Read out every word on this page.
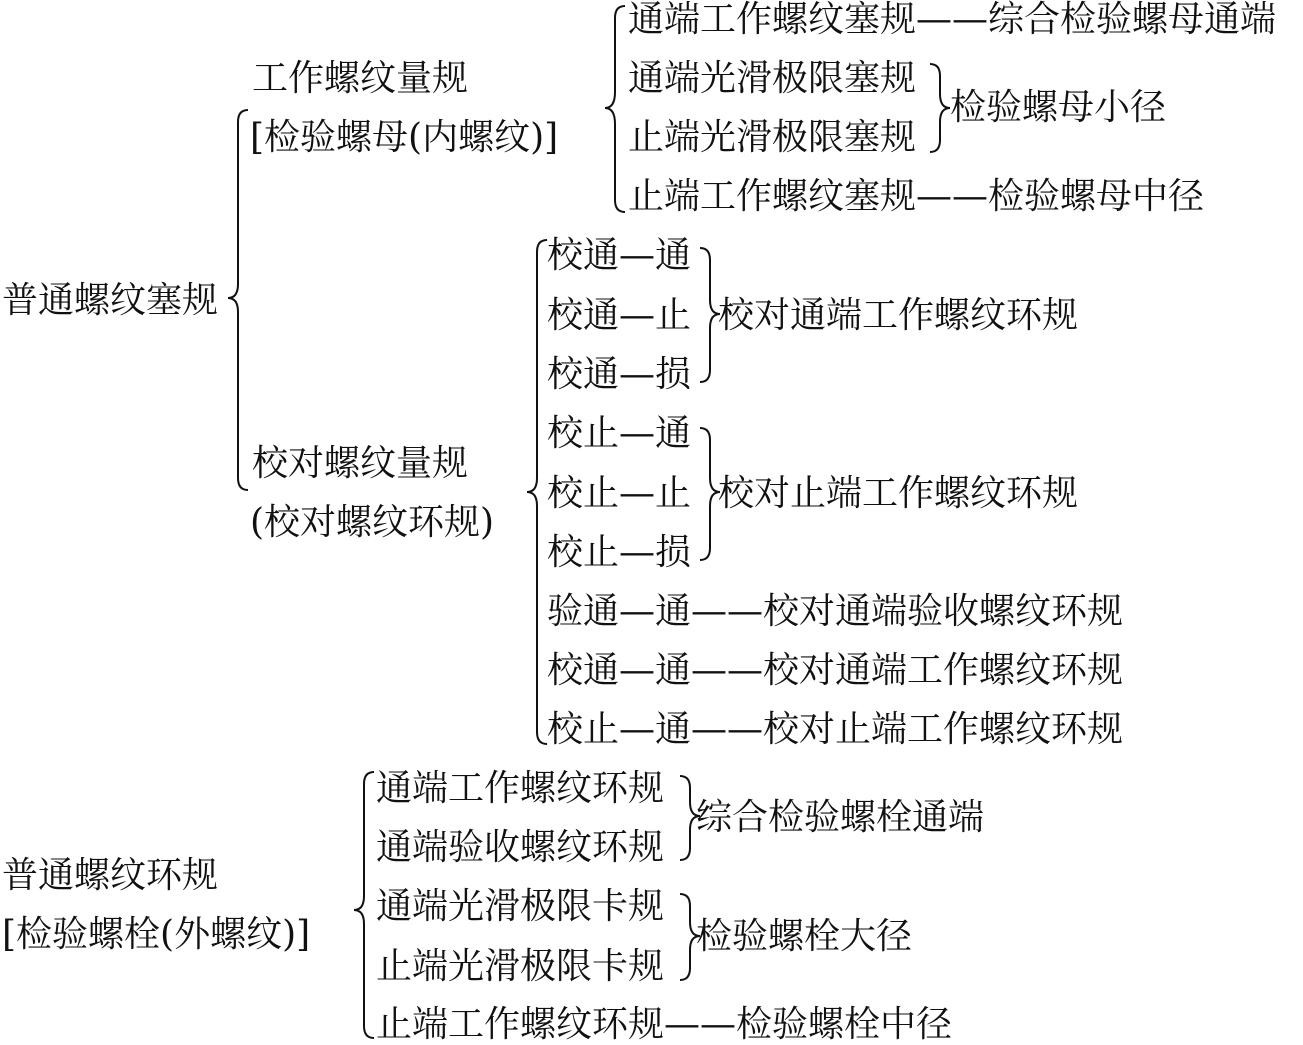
普通螺纹塞规
工作螺纹量规
[检验螺母(内螺纹)]
通端工作螺纹塞规——综合检验螺母通端
通端光滑极限塞规
止端光滑极限塞规
止端工作螺纹塞规——检验螺母中径
检验螺母小径
校对螺纹量规
(校对螺纹环规)
校通—通
校通—止
校通—损
校对通端工作螺纹环规
校止—通
校止—止
校止—损
校对止端工作螺纹环规
验通—通——校对通端验收螺纹环规
校通—通——校对通端工作螺纹环规
校止—通——校对止端工作螺纹环规
普通螺纹环规
[检验螺栓(外螺纹)]
通端工作螺纹环规
通端验收螺纹环规
综合检验螺栓通端
通端光滑极限卡规
止端光滑极限卡规
检验螺栓大径
止端工作螺纹环规——检验螺栓中径
